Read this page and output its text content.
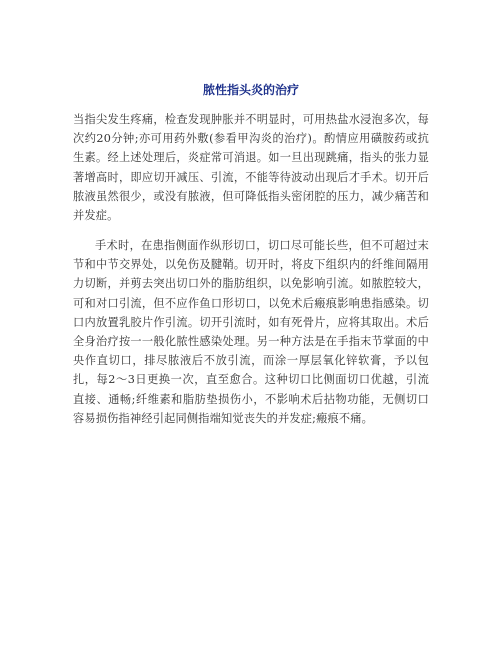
脓性指头炎的治疗

当指尖发生疼痛，检查发现肿胀并不明显时，可用热盐水浸泡多次，每次约20分钟;亦可用药外敷(参看甲沟炎的治疗)。酌情应用磺胺药或抗生素。经上述处理后，炎症常可消退。如一旦出现跳痛，指头的张力显著增高时，即应切开减压、引流，不能等待波动出现后才手术。切开后脓液虽然很少，或没有脓液，但可降低指头密闭腔的压力，减少痛苦和并发症。

手术时，在患指侧面作纵形切口，切口尽可能长些，但不可超过末节和中节交界处，以免伤及腱鞘。切开时，将皮下组织内的纤维间隔用力切断，并剪去突出切口外的脂肪组织，以免影响引流。如脓腔较大，可和对口引流，但不应作鱼口形切口，以免术后瘢痕影响患指感染。切口内放置乳胶片作引流。切开引流时，如有死骨片，应将其取出。术后全身治疗按一一般化脓性感染处理。另一种方法是在手指末节掌面的中央作直切口，排尽脓液后不放引流，而涂一厚层氧化锌软膏，予以包扎，每2～3日更换一次，直至愈合。这种切口比侧面切口优越，引流直接、通畅;纤维素和脂肪垫损伤小，不影响术后拈物功能，无侧切口容易损伤指神经引起同侧指端知觉丧失的并发症;瘢痕不痛。
